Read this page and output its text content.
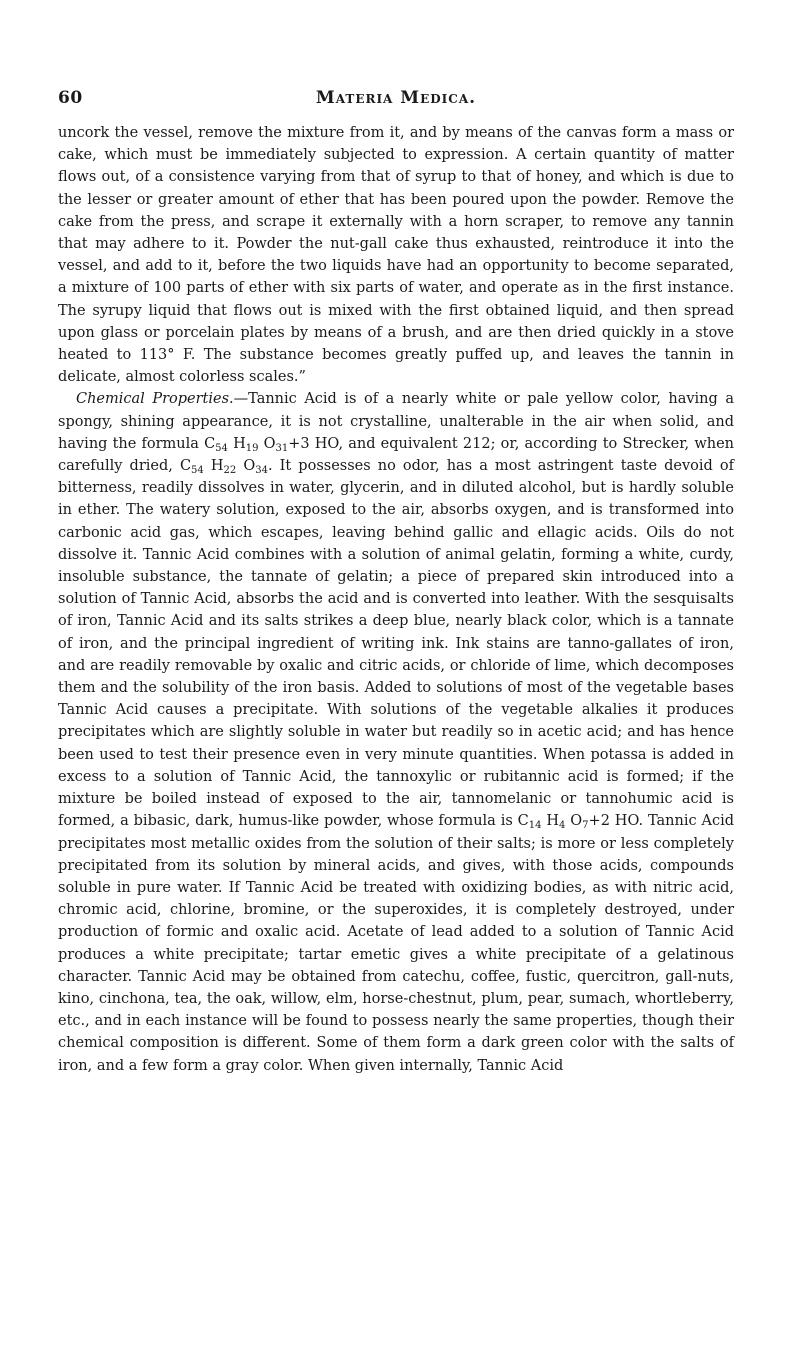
60	Materia Medica.

uncork the vessel, remove the mixture from it, and by means of the canvas form a mass or cake, which must be immediately subjected to expression. A certain quantity of matter flows out, of a consistence varying from that of syrup to that of honey, and which is due to the lesser or greater amount of ether that has been poured upon the powder. Remove the cake from the press, and scrape it externally with a horn scraper, to remove any tannin that may adhere to it. Powder the nut-gall cake thus exhausted, reintroduce it into the vessel, and add to it, before the two liquids have had an opportunity to become separated, a mixture of 100 parts of ether with six parts of water, and operate as in the first instance. The syrupy liquid that flows out is mixed with the first obtained liquid, and then spread upon glass or porcelain plates by means of a brush, and are then dried quickly in a stove heated to 113° F. The substance becomes greatly puffed up, and leaves the tannin in delicate, almost colorless scales.”

Chemical Properties.—Tannic Acid is of a nearly white or pale yellow color, having a spongy, shining appearance, it is not crystalline, unalterable in the air when solid, and having the formula $C_{54}$ $H_{19}$ $O_{31}+3$ HO, and equivalent 212; or, according to Strecker, when carefully dried, $C_{54}$ $H_{22}$ $O_{34}$. It possesses no odor, has a most astringent taste devoid of bitterness, readily dissolves in water, glycerin, and in diluted alcohol, but is hardly soluble in ether. The watery solution, exposed to the air, absorbs oxygen, and is transformed into carbonic acid gas, which escapes, leaving behind gallic and ellagic acids. Oils do not dissolve it. Tannic Acid combines with a solution of animal gelatin, forming a white, curdy, insoluble substance, the tannate of gelatin; a piece of prepared skin introduced into a solution of Tannic Acid, absorbs the acid and is converted into leather. With the sesquisalts of iron, Tannic Acid and its salts strikes a deep blue, nearly black color, which is a tannate of iron, and the principal ingredient of writing ink. Ink stains are tanno-gallates of iron, and are readily removable by oxalic and citric acids, or chloride of lime, which decomposes them and the solubility of the iron basis. Added to solutions of most of the vegetable bases Tannic Acid causes a precipitate. With solutions of the vegetable alkalies it produces precipitates which are slightly soluble in water but readily so in acetic acid; and has hence been used to test their presence even in very minute quantities. When potassa is added in excess to a solution of Tannic Acid, the tannoxylic or rubitannic acid is formed; if the mixture be boiled instead of exposed to the air, tannomelanic or tannohumic acid is formed, a bibasic, dark, humus-like powder, whose formula is $C_{14}$ $H_4$ $O_7+2$ HO. Tannic Acid precipitates most metallic oxides from the solution of their salts; is more or less completely precipitated from its solution by mineral acids, and gives, with those acids, compounds soluble in pure water. If Tannic Acid be treated with oxidizing bodies, as with nitric acid, chromic acid, chlorine, bromine, or the superoxides, it is completely destroyed, under production of formic and oxalic acid. Acetate of lead added to a solution of Tannic Acid produces a white precipitate; tartar emetic gives a white precipitate of a gelatinous character. Tannic Acid may be obtained from catechu, coffee, fustic, quercitron, gall-nuts, kino, cinchona, tea, the oak, willow, elm, horse-chestnut, plum, pear, sumach, whortleberry, etc., and in each instance will be found to possess nearly the same properties, though their chemical composition is different. Some of them form a dark green color with the salts of iron, and a few form a gray color. When given internally, Tannic Acid
